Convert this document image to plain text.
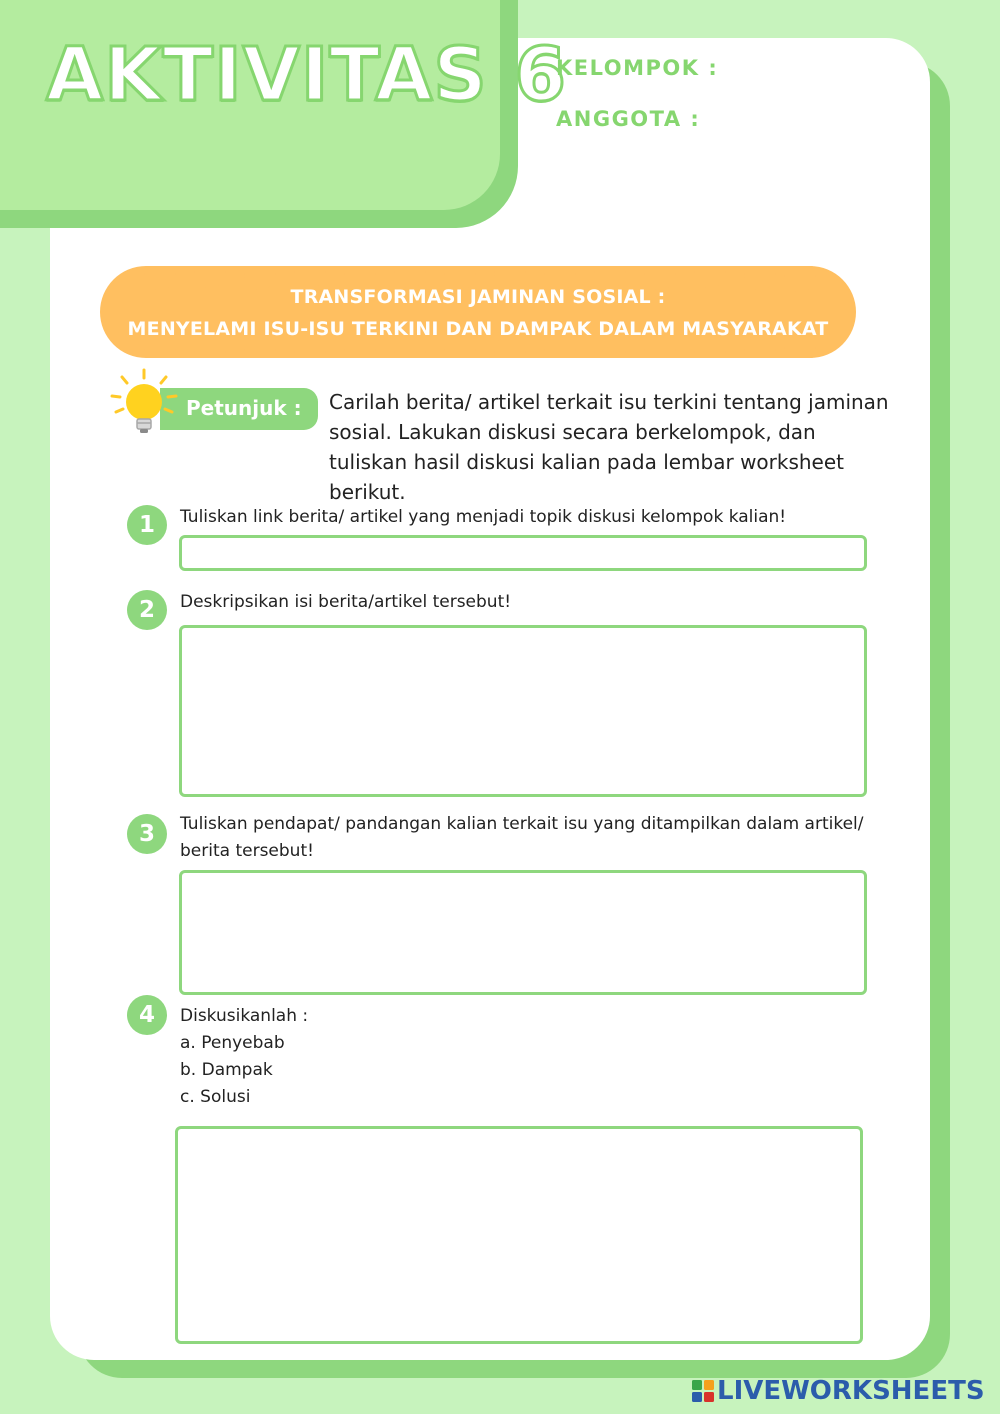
AKTIVITAS 6

KELOMPOK :

ANGGOTA :

TRANSFORMASI JAMINAN SOSIAL :

MENYELAMI ISU-ISU TERKINI DAN DAMPAK DALAM MASYARAKAT

Petunjuk : Carilah berita/ artikel terkait isu terkini tentang jaminan sosial. Lakukan diskusi secara berkelompok, dan tuliskan hasil diskusi kalian pada lembar worksheet berikut.

1	Tuliskan link berita/ artikel yang menjadi topik diskusi kelompok kalian!

2	Deskripsikan isi berita/artikel tersebut!

3	Tuliskan pendapat/ pandangan kalian terkait isu yang ditampilkan dalam artikel/ berita tersebut!

4	Diskusikanlah :

a. Penyebab

b. Dampak

c. Solusi

LIVEWORKSHEETS
